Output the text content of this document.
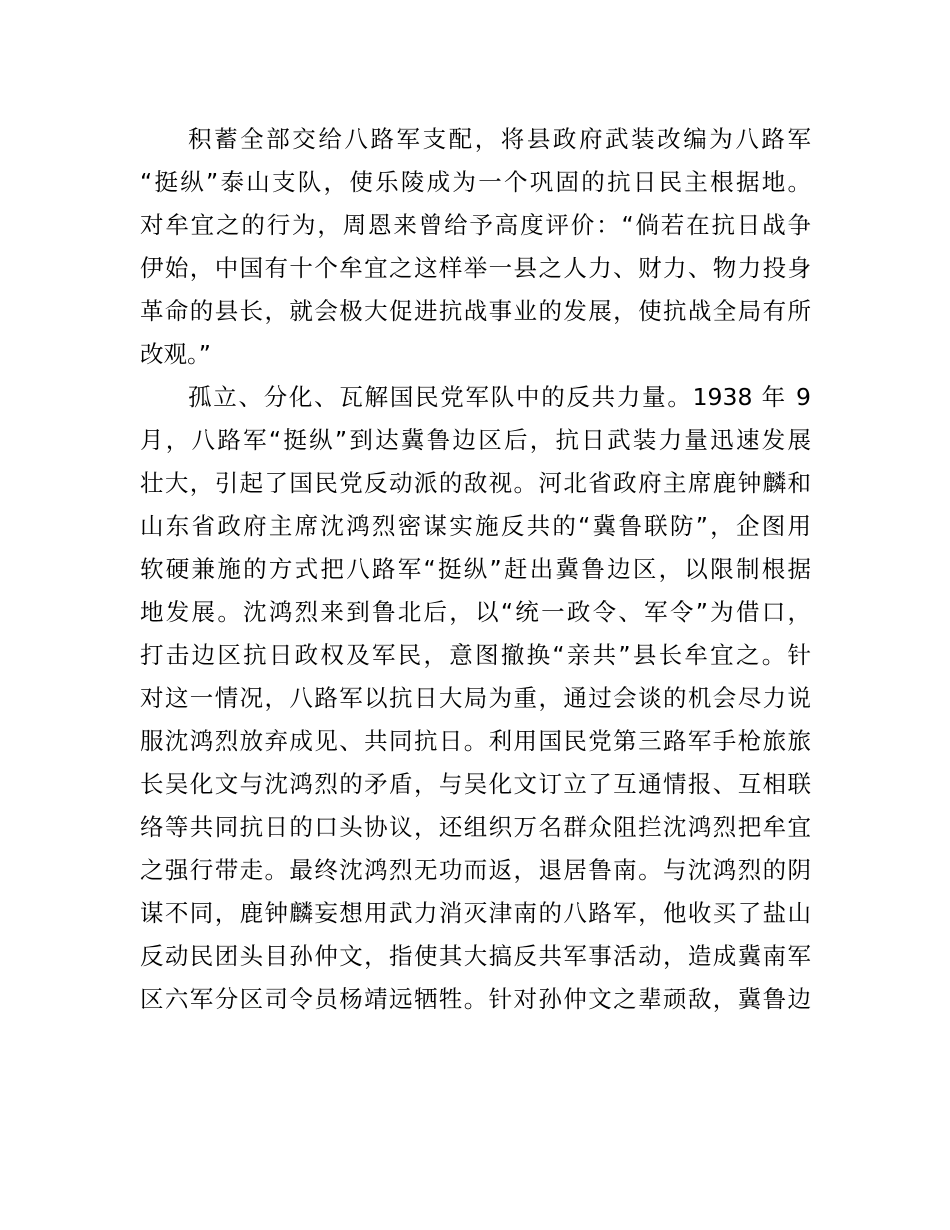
积蓄全部交给八路军支配，将县政府武装改编为八路军
“挺纵”泰山支队，使乐陵成为一个巩固的抗日民主根据地。
对牟宜之的行为，周恩来曾给予高度评价：“倘若在抗日战争
伊始，中国有十个牟宜之这样举一县之人力、财力、物力投身
革命的县长，就会极大促进抗战事业的发展，使抗战全局有所
改观。”
孤立、分化、瓦解国民党军队中的反共力量。1938 年 9
月，八路军“挺纵”到达冀鲁边区后，抗日武装力量迅速发展
壮大，引起了国民党反动派的敌视。河北省政府主席鹿钟麟和
山东省政府主席沈鸿烈密谋实施反共的“冀鲁联防”，企图用
软硬兼施的方式把八路军“挺纵”赶出冀鲁边区，以限制根据
地发展。沈鸿烈来到鲁北后，以“统一政令、军令”为借口，
打击边区抗日政权及军民，意图撤换“亲共”县长牟宜之。针
对这一情况，八路军以抗日大局为重，通过会谈的机会尽力说
服沈鸿烈放弃成见、共同抗日。利用国民党第三路军手枪旅旅
长吴化文与沈鸿烈的矛盾，与吴化文订立了互通情报、互相联
络等共同抗日的口头协议，还组织万名群众阻拦沈鸿烈把牟宜
之强行带走。最终沈鸿烈无功而返，退居鲁南。与沈鸿烈的阴
谋不同，鹿钟麟妄想用武力消灭津南的八路军，他收买了盐山
反动民团头目孙仲文，指使其大搞反共军事活动，造成冀南军
区六军分区司令员杨靖远牺牲。针对孙仲文之辈顽敌，冀鲁边
